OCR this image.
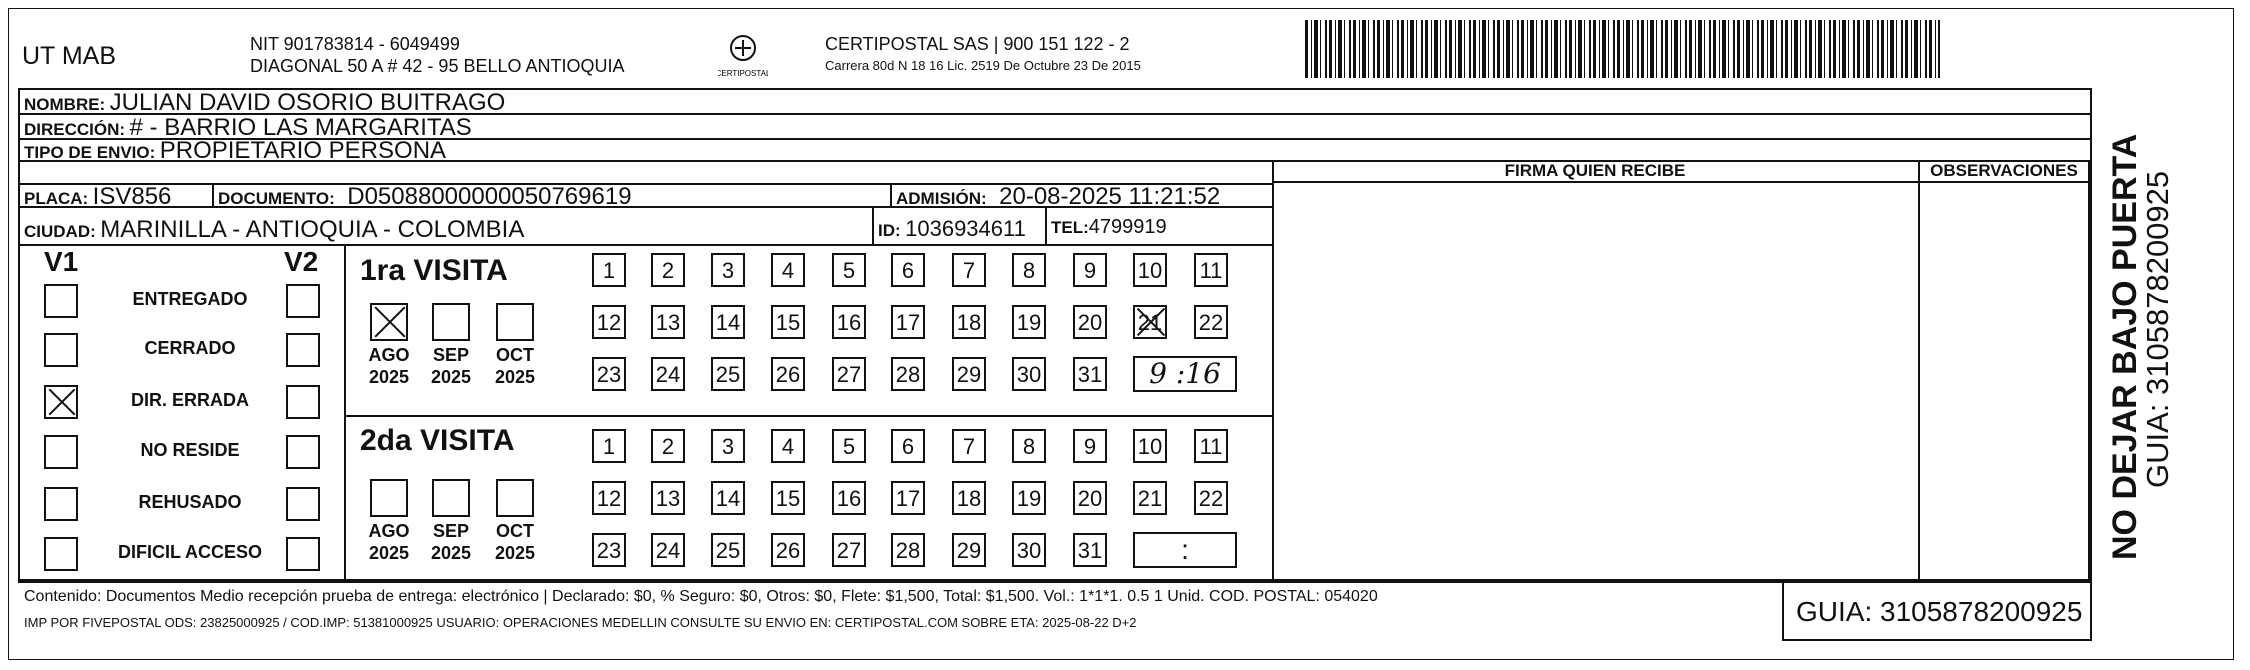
UT MAB	NIT 901783814 - 6049499
DIAGONAL 50 A # 42 - 95 BELLO ANTIOQUIA	CERTIPOSTAL
CERTIPOSTAL SAS | 900 151 122 - 2
Carrera 80d N 18 16 Lic. 2519 De Octubre 23 De 2015
NOMBRE: JULIAN DAVID OSORIO BUITRAGO
DIRECCIÓN: # - BARRIO LAS MARGARITAS
TIPO DE ENVIO: PROPIETARIO PERSONA
FIRMA QUIEN RECIBE	OBSERVACIONES
PLACA: ISV856	DOCUMENTO: D05088000000050769619	ADMISIÓN: 20-08-2025 11:21:52
CIUDAD: MARINILLA - ANTIOQUIA - COLOMBIA	ID: 1036934611 TEL:4799919
V1	V2
ENTREGADO
CERRADO
DIR. ERRADA
NO RESIDE
REHUSADO
DIFICIL ACCESO
1ra VISITA
2da VISITA
1	2	3	4	5	6	7	8	9	10 11
12 13 14 15 16 17 18 19 20 21 22
23 24 25 26 27 28 29 30 31	9 :16
AGO
2025
SEP
2025
OCT
2025
1	2	3	4	5	6	7	8	9	10 11
12 13 14 15 16 17 18 19 20 21 22
23 24 25 26 27 28 29 30 31	:
AGO
2025
SEP
2025
OCT
2025
Contenido: Documentos Medio recepción prueba de entrega: electrónico | Declarado: $0, % Seguro: $0, Otros: $0, Flete: $1,500, Total: $1,500. Vol.: 1*1*1. 0.5 1 Unid. COD. POSTAL: 054020
IMP POR FIVEPOSTAL ODS: 23825000925 / COD.IMP: 51381000925 USUARIO: OPERACIONES MEDELLIN CONSULTE SU ENVIO EN: CERTIPOSTAL.COM SOBRE ETA: 2025-08-22 D+2	GUIA: 3105878200925
NO DEJAR BAJO PUERTA
GUIA: 3105878200925
